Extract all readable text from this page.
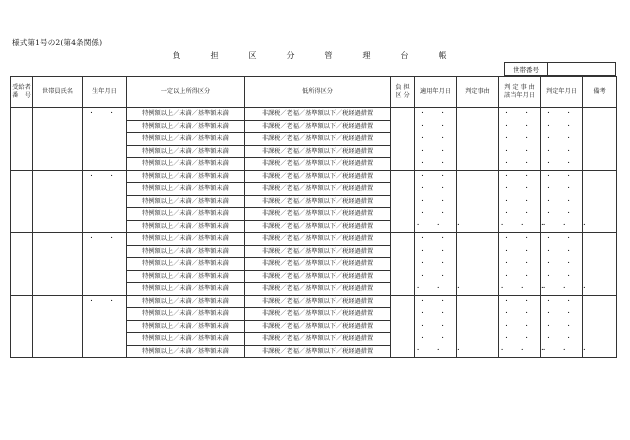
様式第1号の2(第4条関係)
負　担　区　分　管　理　台　帳
世帯番号
受給者
番　号	世帯員氏名	生年月日	一定以上所得区分	低所得区分	負 担
区 分	適用年月日	判定事由	判 定 事 由
該当年月日	判定年月日	備考
		・ ・	特例額以上／未満／基準額未満	非課税／老福／基準額以下／税経過措置		・ ・		・ ・	・ ・	
			特例額以上／未満／基準額未満	非課税／老福／基準額以下／税経過措置		・ ・		・ ・	・ ・	
			特例額以上／未満／基準額未満	非課税／老福／基準額以下／税経過措置		・ ・		・ ・	・ ・	
			特例額以上／未満／基準額未満	非課税／老福／基準額以下／税経過措置		・ ・		・ ・	・ ・	
			特例額以上／未満／基準額未満	非課税／老福／基準額以下／税経過措置		・ ・		・ ・	・ ・	
		・ ・	特例額以上／未満／基準額未満	非課税／老福／基準額以下／税経過措置		・ ・		・ ・	・ ・	
			特例額以上／未満／基準額未満	非課税／老福／基準額以下／税経過措置		・ ・		・ ・	・ ・	
			特例額以上／未満／基準額未満	非課税／老福／基準額以下／税経過措置		・ ・		・ ・	・ ・	
			特例額以上／未満／基準額未満	非課税／老福／基準額以下／税経過措置		・ ・		・ ・	・ ・	
			特例額以上／未満／基準額未満	非課税／老福／基準額以下／税経過措置		・ ・ ・		・ ・ ・	・ ・ ・	
		・ ・	特例額以上／未満／基準額未満	非課税／老福／基準額以下／税経過措置		・ ・		・ ・	・ ・	
			特例額以上／未満／基準額未満	非課税／老福／基準額以下／税経過措置		・ ・		・ ・	・ ・	
			特例額以上／未満／基準額未満	非課税／老福／基準額以下／税経過措置		・ ・		・ ・	・ ・	
			特例額以上／未満／基準額未満	非課税／老福／基準額以下／税経過措置		・ ・		・ ・	・ ・	
			特例額以上／未満／基準額未満	非課税／老福／基準額以下／税経過措置		・ ・ ・		・ ・ ・	・ ・ ・	
		・ ・	特例額以上／未満／基準額未満	非課税／老福／基準額以下／税経過措置		・ ・		・ ・	・ ・	
			特例額以上／未満／基準額未満	非課税／老福／基準額以下／税経過措置		・ ・		・ ・	・ ・	
			特例額以上／未満／基準額未満	非課税／老福／基準額以下／税経過措置		・ ・		・ ・	・ ・	
			特例額以上／未満／基準額未満	非課税／老福／基準額以下／税経過措置		・ ・		・ ・	・ ・	
			特例額以上／未満／基準額未満	非課税／老福／基準額以下／税経過措置		・ ・ ・		・ ・ ・	・ ・ ・	
